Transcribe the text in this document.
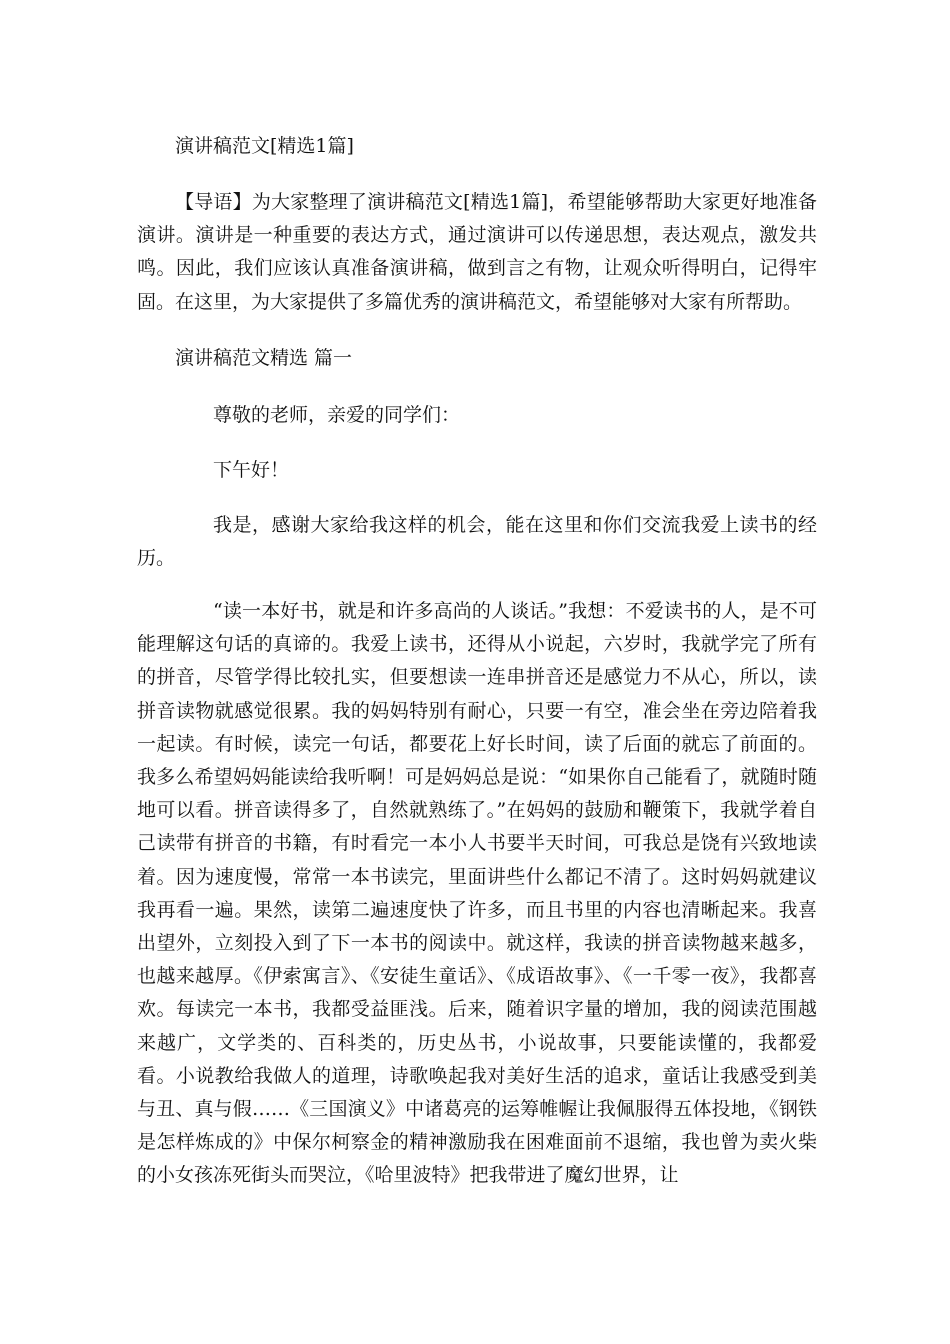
演讲稿范文[精选1篇]

【导语】为大家整理了演讲稿范文[精选1篇]，希望能够帮助大家更好地准备演讲。演讲是一种重要的表达方式，通过演讲可以传递思想，表达观点，激发共鸣。因此，我们应该认真准备演讲稿，做到言之有物，让观众听得明白，记得牢固。在这里，为大家提供了多篇优秀的演讲稿范文，希望能够对大家有所帮助。

演讲稿范文精选 篇一

尊敬的老师，亲爱的同学们：

下午好！

我是，感谢大家给我这样的机会，能在这里和你们交流我爱上读书的经历。

“读一本好书，就是和许多高尚的人谈话。”我想：不爱读书的人，是不可能理解这句话的真谛的。我爱上读书，还得从小说起，六岁时，我就学完了所有的拼音，尽管学得比较扎实，但要想读一连串拼音还是感觉力不从心，所以，读拼音读物就感觉很累。我的妈妈特别有耐心，只要一有空，准会坐在旁边陪着我一起读。有时候，读完一句话，都要花上好长时间，读了后面的就忘了前面的。我多么希望妈妈能读给我听啊！可是妈妈总是说：“如果你自己能看了，就随时随地可以看。拼音读得多了，自然就熟练了。”在妈妈的鼓励和鞭策下，我就学着自己读带有拼音的书籍，有时看完一本小人书要半天时间，可我总是饶有兴致地读着。因为速度慢，常常一本书读完，里面讲些什么都记不清了。这时妈妈就建议我再看一遍。果然，读第二遍速度快了许多，而且书里的内容也清晰起来。我喜出望外，立刻投入到了下一本书的阅读中。就这样，我读的拼音读物越来越多，也越来越厚。《伊索寓言》、《安徒生童话》、《成语故事》、《一千零一夜》，我都喜欢。每读完一本书，我都受益匪浅。后来，随着识字量的增加，我的阅读范围越来越广，文学类的、百科类的，历史丛书，小说故事，只要能读懂的，我都爱看。小说教给我做人的道理，诗歌唤起我对美好生活的追求，童话让我感受到美与丑、真与假……《三国演义》中诸葛亮的运筹帷幄让我佩服得五体投地，《钢铁是怎样炼成的》中保尔柯察金的精神激励我在困难面前不退缩，我也曾为卖火柴的小女孩冻死街头而哭泣，《哈里波特》把我带进了魔幻世界，让
